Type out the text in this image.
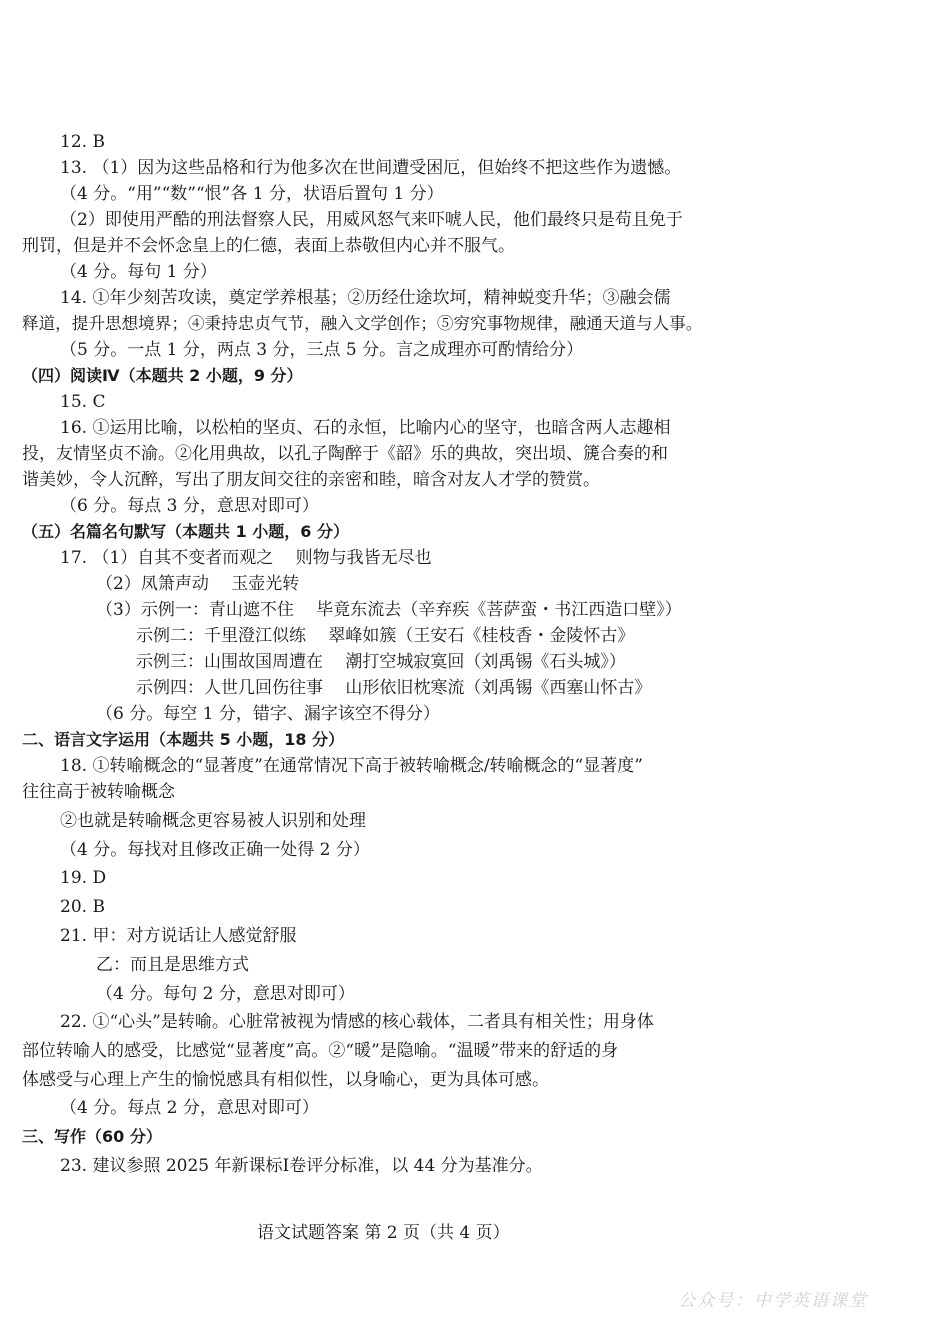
12. B
13. （1）因为这些品格和行为他多次在世间遭受困厄，但始终不把这些作为遗憾。
（4 分。“用”“数”“恨”各 1 分，状语后置句 1 分）
（2）即使用严酷的刑法督察人民，用威风怒气来吓唬人民，他们最终只是苟且免于
刑罚，但是并不会怀念皇上的仁德，表面上恭敬但内心并不服气。
（4 分。每句 1 分）
14. ①年少刻苦攻读，奠定学养根基；②历经仕途坎坷，精神蜕变升华；③融会儒
释道，提升思想境界；④秉持忠贞气节，融入文学创作；⑤穷究事物规律，融通天道与人事。
（5 分。一点 1 分，两点 3 分，三点 5 分。言之成理亦可酌情给分）
（四）阅读Ⅳ（本题共 2 小题，9 分）
15. C
16. ①运用比喻，以松柏的坚贞、石的永恒，比喻内心的坚守，也暗含两人志趣相
投，友情坚贞不渝。②化用典故，以孔子陶醉于《韶》乐的典故，突出埙、篪合奏的和
谐美妙，令人沉醉，写出了朋友间交往的亲密和睦，暗含对友人才学的赞赏。
（6 分。每点 3 分，意思对即可）
（五）名篇名句默写（本题共 1 小题，6 分）
17. （1）自其不变者而观之　 则物与我皆无尽也
（2）凤箫声动　 玉壶光转
（3）示例一：青山遮不住　 毕竟东流去（辛弃疾《菩萨蛮・书江西造口壁》）
示例二：千里澄江似练　 翠峰如簇（王安石《桂枝香・金陵怀古》
示例三：山围故国周遭在　 潮打空城寂寞回（刘禹锡《石头城》）
示例四：人世几回伤往事　 山形依旧枕寒流（刘禹锡《西塞山怀古》
（6 分。每空 1 分，错字、漏字该空不得分）
二、语言文字运用（本题共 5 小题，18 分）
18. ①转喻概念的“显著度”在通常情况下高于被转喻概念/转喻概念的“显著度”
往往高于被转喻概念
②也就是转喻概念更容易被人识别和处理
（4 分。每找对且修改正确一处得 2 分）
19. D
20. B
21. 甲：对方说话让人感觉舒服
乙：而且是思维方式
（4 分。每句 2 分，意思对即可）
22. ①“心头”是转喻。心脏常被视为情感的核心载体，二者具有相关性；用身体
部位转喻人的感受，比感觉“显著度”高。②“暖”是隐喻。“温暖”带来的舒适的身
体感受与心理上产生的愉悦感具有相似性，以身喻心，更为具体可感。
（4 分。每点 2 分，意思对即可）
三、写作（60 分）
23. 建议参照 2025 年新课标Ⅰ卷评分标准，以 44 分为基准分。
语文试题答案 第 2 页（共 4 页）
公众号：中学英语课堂
